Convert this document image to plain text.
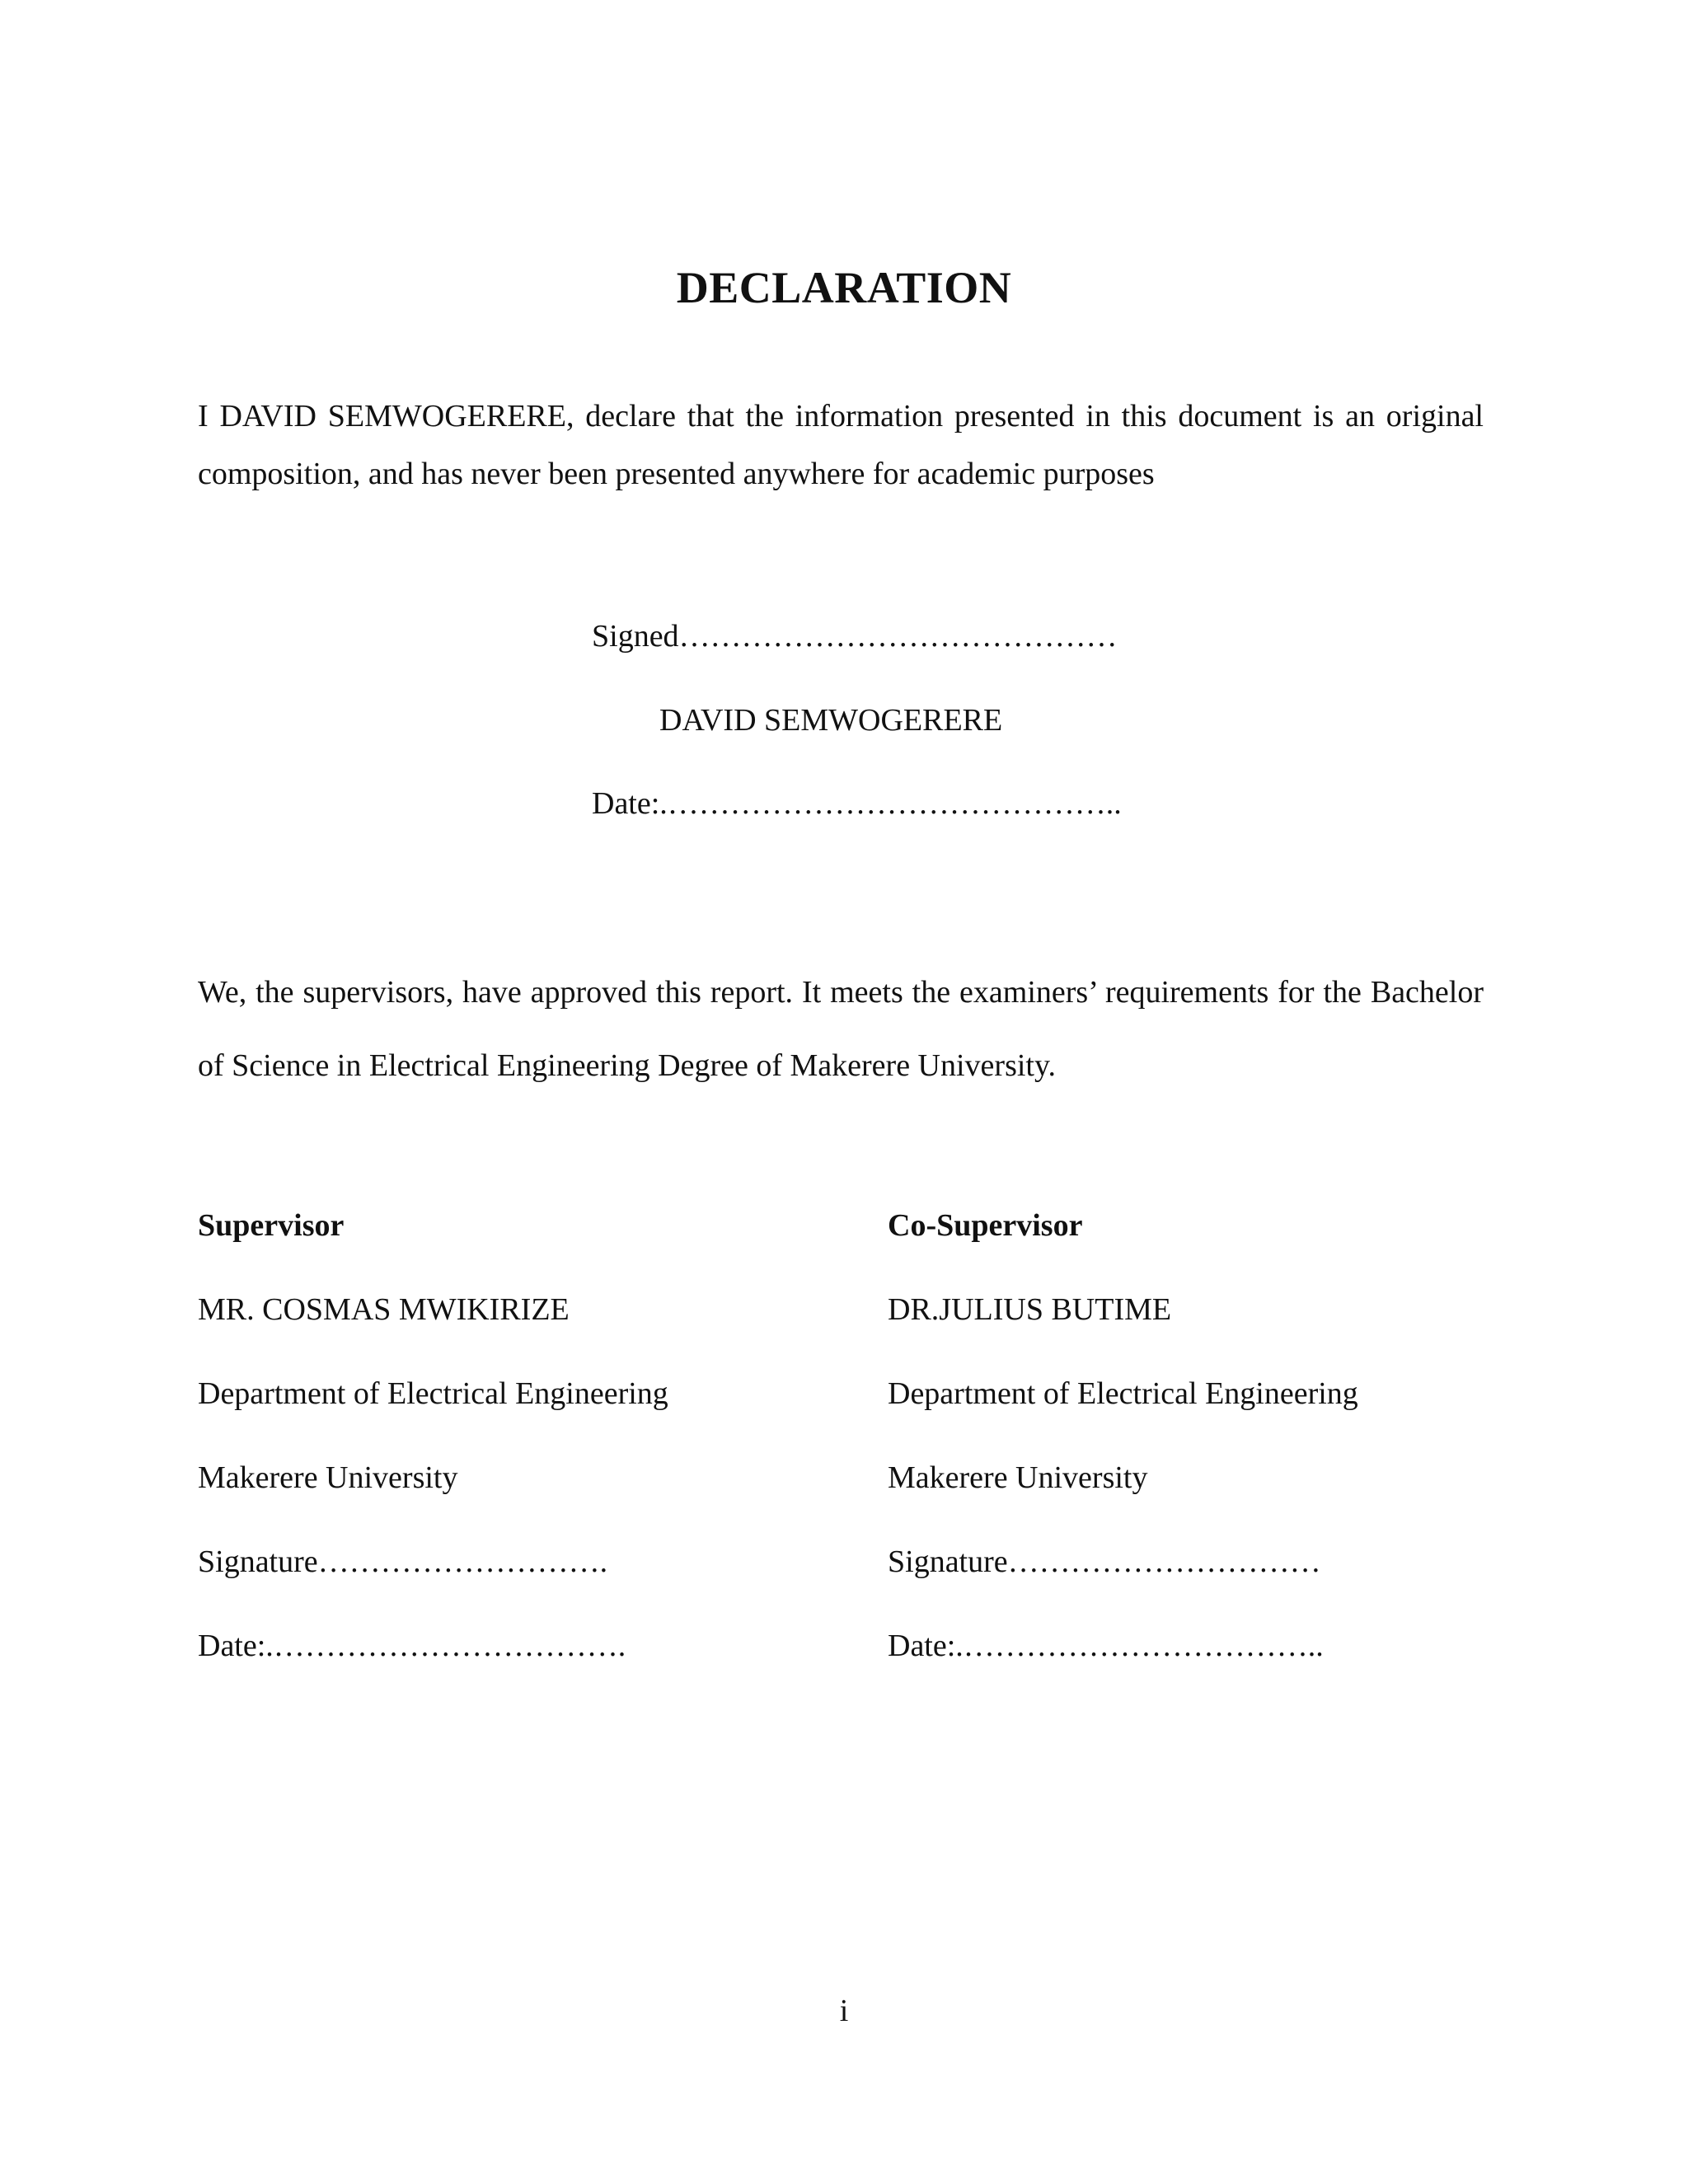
DECLARATION
I DAVID SEMWOGERERE, declare that the information presented in this document is an original composition, and has never been presented anywhere for academic purposes
Signed……………………………………
DAVID SEMWOGERERE
Date:.……………………………………..
We, the supervisors, have approved this report. It meets the examiners’ requirements for the Bachelor of Science in Electrical Engineering Degree of Makerere University.
Supervisor
MR. COSMAS MWIKIRIZE
Department of Electrical Engineering
Makerere University
Signature……………………….
Date:.…………………………….
Co-Supervisor
DR.JULIUS BUTIME
Department of Electrical Engineering
Makerere University
Signature…………………………
Date:.……………………………..
i
